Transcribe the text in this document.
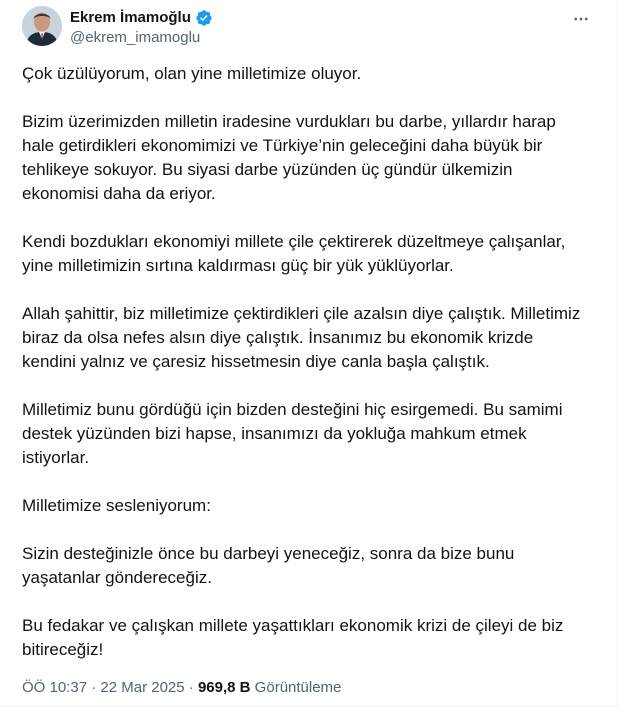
Ekrem İmamoğlu
@ekrem_imamoglu

Çok üzülüyorum, olan yine milletimize oluyor.

Bizim üzerimizden milletin iradesine vurdukları bu darbe, yıllardır harap hale getirdikleri ekonomimizi ve Türkiye’nin geleceğini daha büyük bir tehlikeye sokuyor. Bu siyasi darbe yüzünden üç gündür ülkemizin ekonomisi daha da eriyor.

Kendi bozdukları ekonomiyi millete çile çektirerek düzeltmeye çalışanlar, yine milletimizin sırtına kaldırması güç bir yük yüklüyorlar.

Allah şahittir, biz milletimize çektirdikleri çile azalsın diye çalıştık. Milletimiz biraz da olsa nefes alsın diye çalıştık. İnsanımız bu ekonomik krizde kendini yalnız ve çaresiz hissetmesin diye canla başla çalıştık.

Milletimiz bunu gördüğü için bizden desteğini hiç esirgemedi. Bu samimi destek yüzünden bizi hapse, insanımızı da yokluğa mahkum etmek istiyorlar.

Milletimize sesleniyorum:

Sizin desteğinizle önce bu darbeyi yeneceğiz, sonra da bize bunu yaşatanlar göndereceğiz.

Bu fedakar ve çalışkan millete yaşattıkları ekonomik krizi de çileyi de biz bitireceğiz!

ÖÖ 10:37 · 22 Mar 2025 · 969,8 B Görüntüleme
